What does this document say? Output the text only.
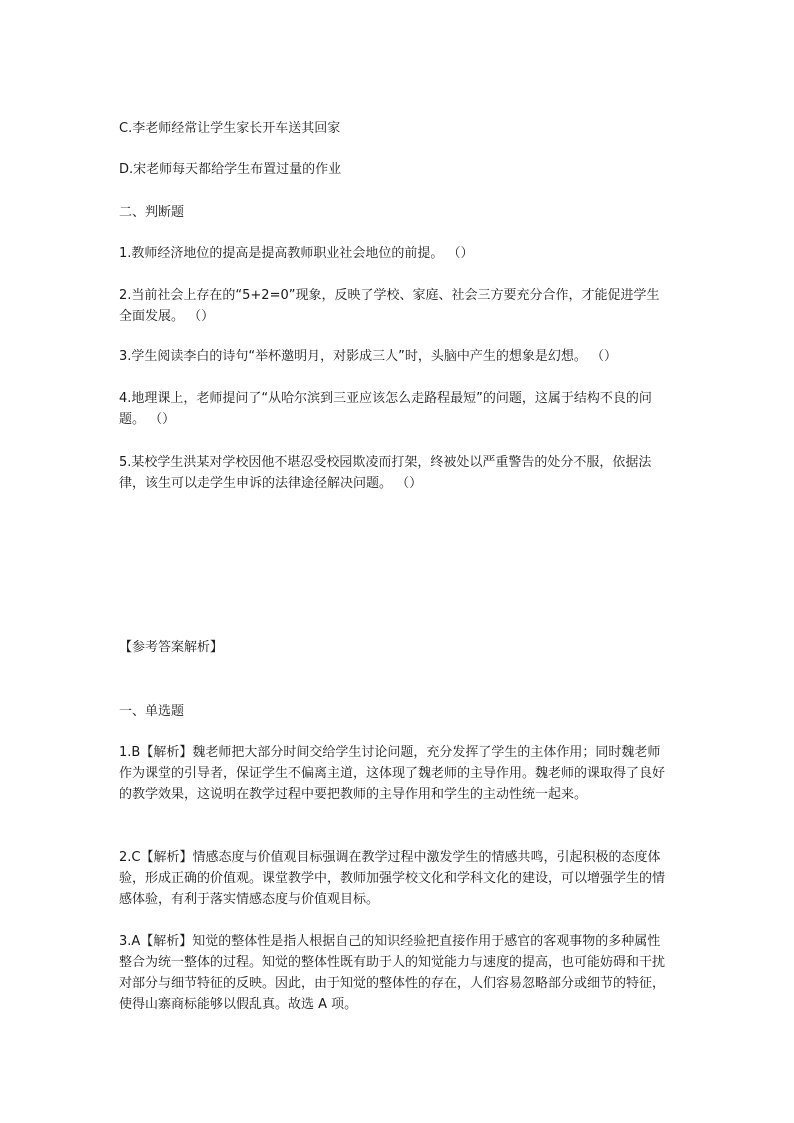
C.李老师经常让学生家长开车送其回家

D.宋老师每天都给学生布置过量的作业

二、判断题

1.教师经济地位的提高是提高教师职业社会地位的前提。 （）

2.当前社会上存在的“5+2=0”现象，反映了学校、家庭、社会三方要充分合作，才能促进学生全面发展。 （）

3.学生阅读李白的诗句“举杯邀明月，对影成三人”时，头脑中产生的想象是幻想。 （）

4.地理课上，老师提问了“从哈尔滨到三亚应该怎么走路程最短”的问题，这属于结构不良的问题。 （）

5.某校学生洪某对学校因他不堪忍受校园欺凌而打架，终被处以严重警告的处分不服，依据法律，该生可以走学生申诉的法律途径解决问题。 （）

【参考答案解析】

一、单选题

1.B【解析】魏老师把大部分时间交给学生讨论问题，充分发挥了学生的主体作用；同时魏老师作为课堂的引导者，保证学生不偏离主道，这体现了魏老师的主导作用。魏老师的课取得了良好的教学效果，这说明在教学过程中要把教师的主导作用和学生的主动性统一起来。

2.C【解析】情感态度与价值观目标强调在教学过程中激发学生的情感共鸣，引起积极的态度体验，形成正确的价值观。课堂教学中，教师加强学校文化和学科文化的建设，可以增强学生的情感体验，有利于落实情感态度与价值观目标。

3.A【解析】知觉的整体性是指人根据自己的知识经验把直接作用于感官的客观事物的多种属性整合为统一整体的过程。知觉的整体性既有助于人的知觉能力与速度的提高，也可能妨碍和干扰对部分与细节特征的反映。因此，由于知觉的整体性的存在，人们容易忽略部分或细节的特征，使得山寨商标能够以假乱真。故选 A 项。
